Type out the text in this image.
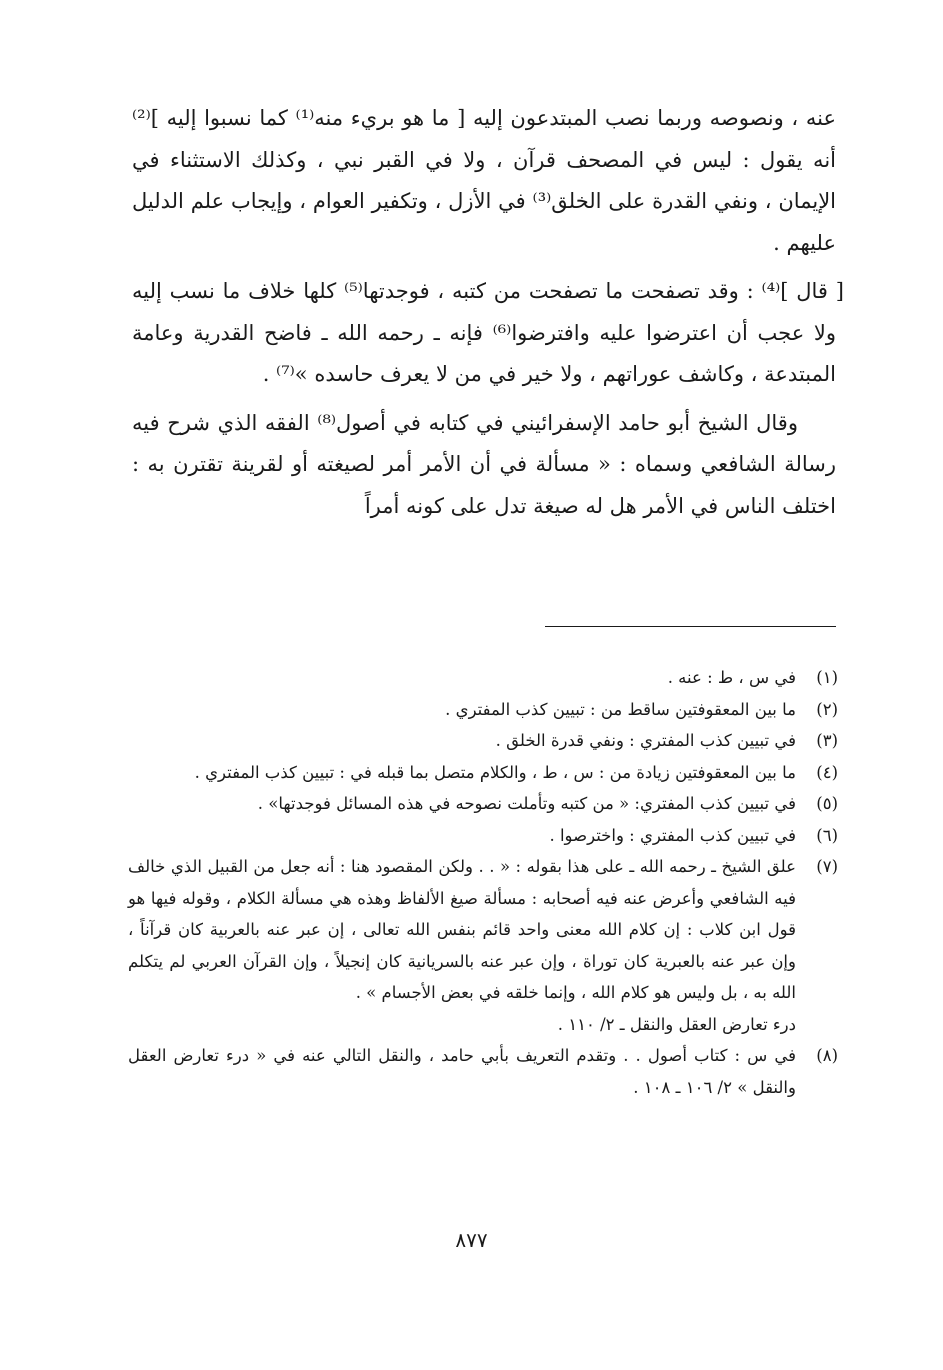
عنه ، ونصوصه وربما نصب المبتدعون إليه [ ما هو بريء منه⁽¹⁾ كما نسبوا إليه ]⁽²⁾ أنه يقول : ليس في المصحف قرآن ، ولا في القبر نبي ، وكذلك الاستثناء في الإيمان ، ونفي القدرة على الخلق⁽³⁾ في الأزل ، وتكفير العوام ، وإيجاب علم الدليل عليهم .

[ قال ]⁽⁴⁾ : وقد تصفحت ما تصفحت من كتبه ، فوجدتها⁽⁵⁾ كلها خلاف ما نسب إليه ولا عجب أن اعترضوا عليه وافترضوا⁽⁶⁾ فإنه ـ رحمه الله ـ فاضح القدرية وعامة المبتدعة ، وكاشف عوراتهم ، ولا خير في من لا يعرف حاسده »⁽⁷⁾ .

وقال الشيخ أبو حامد الإسفرائيني في كتابه في أصول⁽⁸⁾ الفقه الذي شرح فيه رسالة الشافعي وسماه : « مسألة في أن الأمر أمر لصيغته أو لقرينة تقترن به : اختلف الناس في الأمر هل له صيغة تدل على كونه أمراً

(١)
في س ، ط : عنه .
(٢)
ما بين المعقوفتين ساقط من : تبيين كذب المفتري .
(٣)
في تبيين كذب المفتري : ونفي قدرة الخلق .
(٤)
ما بين المعقوفتين زيادة من : س ، ط ، والكلام متصل بما قبله في : تبيين كذب المفتري .
(٥)
في تبيين كذب المفتري: « من كتبه وتأملت نصوحه في هذه المسائل فوجدتها» .
(٦)
في تبيين كذب المفتري : واخترصوا .
(٧)
علق الشيخ ـ رحمه الله ـ على هذا بقوله : « . . ولكن المقصود هنا : أنه جعل من القبيل الذي خالف فيه الشافعي وأعرض عنه فيه أصحابه : مسألة صيغ الألفاظ وهذه هي مسألة الكلام ، وقوله فيها هو قول ابن كلاب : إن كلام الله معنى واحد قائم بنفس الله تعالى ، إن عبر عنه بالعربية كان قرآناً ، وإن عبر عنه بالعبرية كان توراة ، وإن عبر عنه بالسريانية كان إنجيلاً ، وإن القرآن العربي لم يتكلم الله به ، بل وليس هو كلام الله ، وإنما خلقه في بعض الأجسام » .
درء تعارض العقل والنقل ـ ٢/ ١١٠ .
(٨)
في س : كتاب أصول . . وتقدم التعريف بأبي حامد ، والنقل التالي عنه في « درء تعارض العقل والنقل » ٢/ ١٠٦ ـ ١٠٨ .
٨٧٧
